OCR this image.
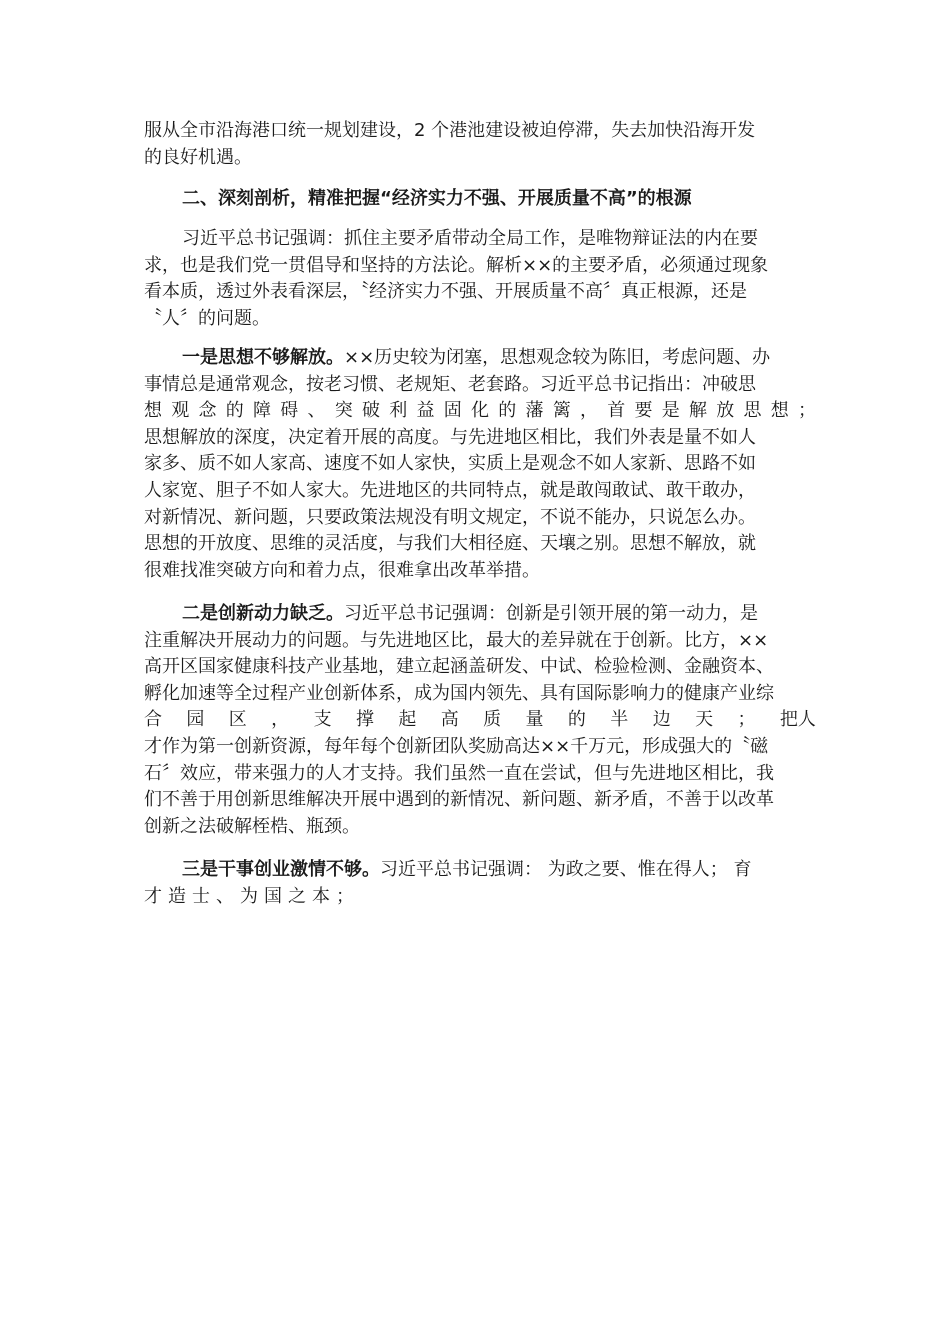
服从全市沿海港口统一规划建设，2 个港池建设被迫停滞，失去加快沿海开发
的良好机遇。
二、深刻剖析，精准把握“经济实力不强、开展质量不高”的根源
习近平总书记强调：抓住主要矛盾带动全局工作，是唯物辩证法的内在要
求，也是我们党一贯倡导和坚持的方法论。解析××的主要矛盾，必须通过现象
看本质，透过外表看深层，〝经济实力不强、开展质量不高〞真正根源，还是
〝人〞的问题。
一是思想不够解放。××历史较为闭塞，思想观念较为陈旧，考虑问题、办
事情总是通常观念，按老习惯、老规矩、老套路。习近平总书记指出：冲破思
想 观 念 的 障 碍 、 突 破 利 益 固 化 的 藩 篱 ， 首 要 是 解 放 思 想 ；
思想解放的深度，决定着开展的高度。与先进地区相比，我们外表是量不如人
家多、质不如人家高、速度不如人家快，实质上是观念不如人家新、思路不如
人家宽、胆子不如人家大。先进地区的共同特点，就是敢闯敢试、敢干敢办，
对新情况、新问题，只要政策法规没有明文规定，不说不能办，只说怎么办。
思想的开放度、思维的灵活度，与我们大相径庭、天壤之别。思想不解放，就
很难找准突破方向和着力点，很难拿出改革举措。
二是创新动力缺乏。习近平总书记强调：创新是引领开展的第一动力，是
注重解决开展动力的问题。与先进地区比，最大的差异就在于创新。比方，××
高开区国家健康科技产业基地，建立起涵盖研发、中试、检验检测、金融资本、
孵化加速等全过程产业创新体系，成为国内领先、具有国际影响力的健康产业综
合 园 区 ， 支 撑 起 高 质 量 的 半 边 天 ； 把人
才作为第一创新资源，每年每个创新团队奖励高达××千万元，形成强大的〝磁
石〞效应，带来强力的人才支持。我们虽然一直在尝试，但与先进地区相比，我
们不善于用创新思维解决开展中遇到的新情况、新问题、新矛盾，不善于以改革
创新之法破解桎梏、瓶颈。
三是干事创业激情不够。习近平总书记强调： 为政之要、惟在得人； 育
才 造 士 、 为 国 之 本 ；
